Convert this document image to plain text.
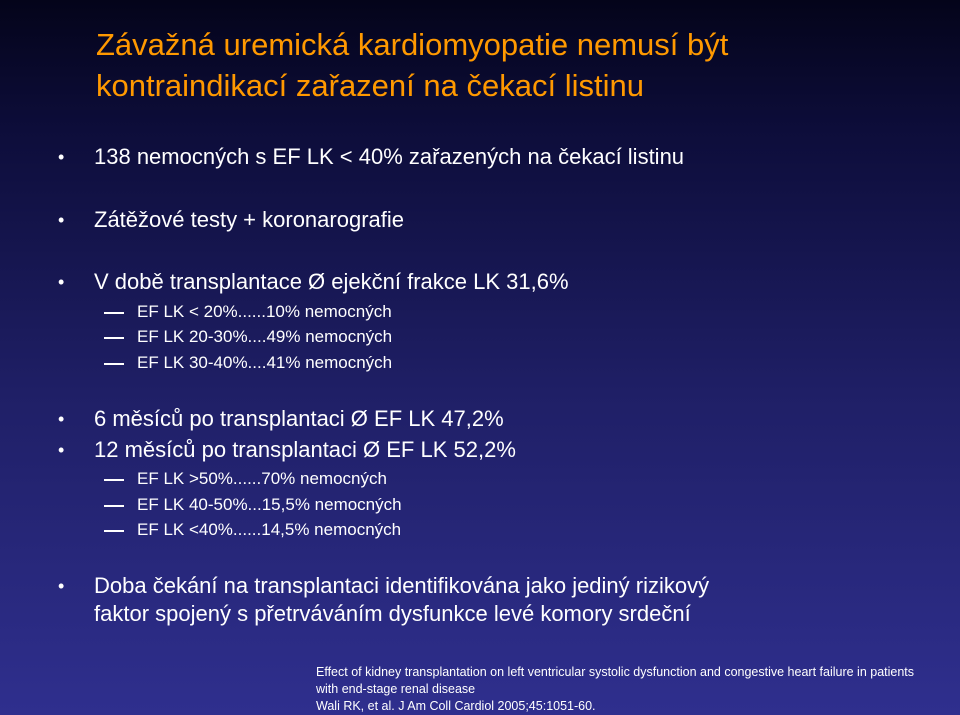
Závažná uremická kardiomyopatie nemusí být
kontraindikací zařazení na čekací listinu
• 138 nemocných s EF LK < 40% zařazených na čekací listinu
• Zátěžové testy + koronarografie
• V době transplantace Ø ejekční frakce LK 31,6%
EF LK < 20%......10% nemocných
EF LK 20-30%....49% nemocných
EF LK 30-40%....41% nemocných
• 6 měsíců po transplantaci Ø EF LK 47,2%
• 12 měsíců po transplantaci Ø EF LK 52,2%
EF LK >50%......70% nemocných
EF LK 40-50%...15,5% nemocných
EF LK <40%......14,5% nemocných
• Doba čekání na transplantaci identifikována jako jediný rizikový
faktor spojený s přetrváváním dysfunkce levé komory srdeční
Effect of kidney transplantation on left ventricular systolic dysfunction and congestive heart failure in patients
with end-stage renal disease
Wali RK, et al. J Am Coll Cardiol 2005;45:1051-60.
